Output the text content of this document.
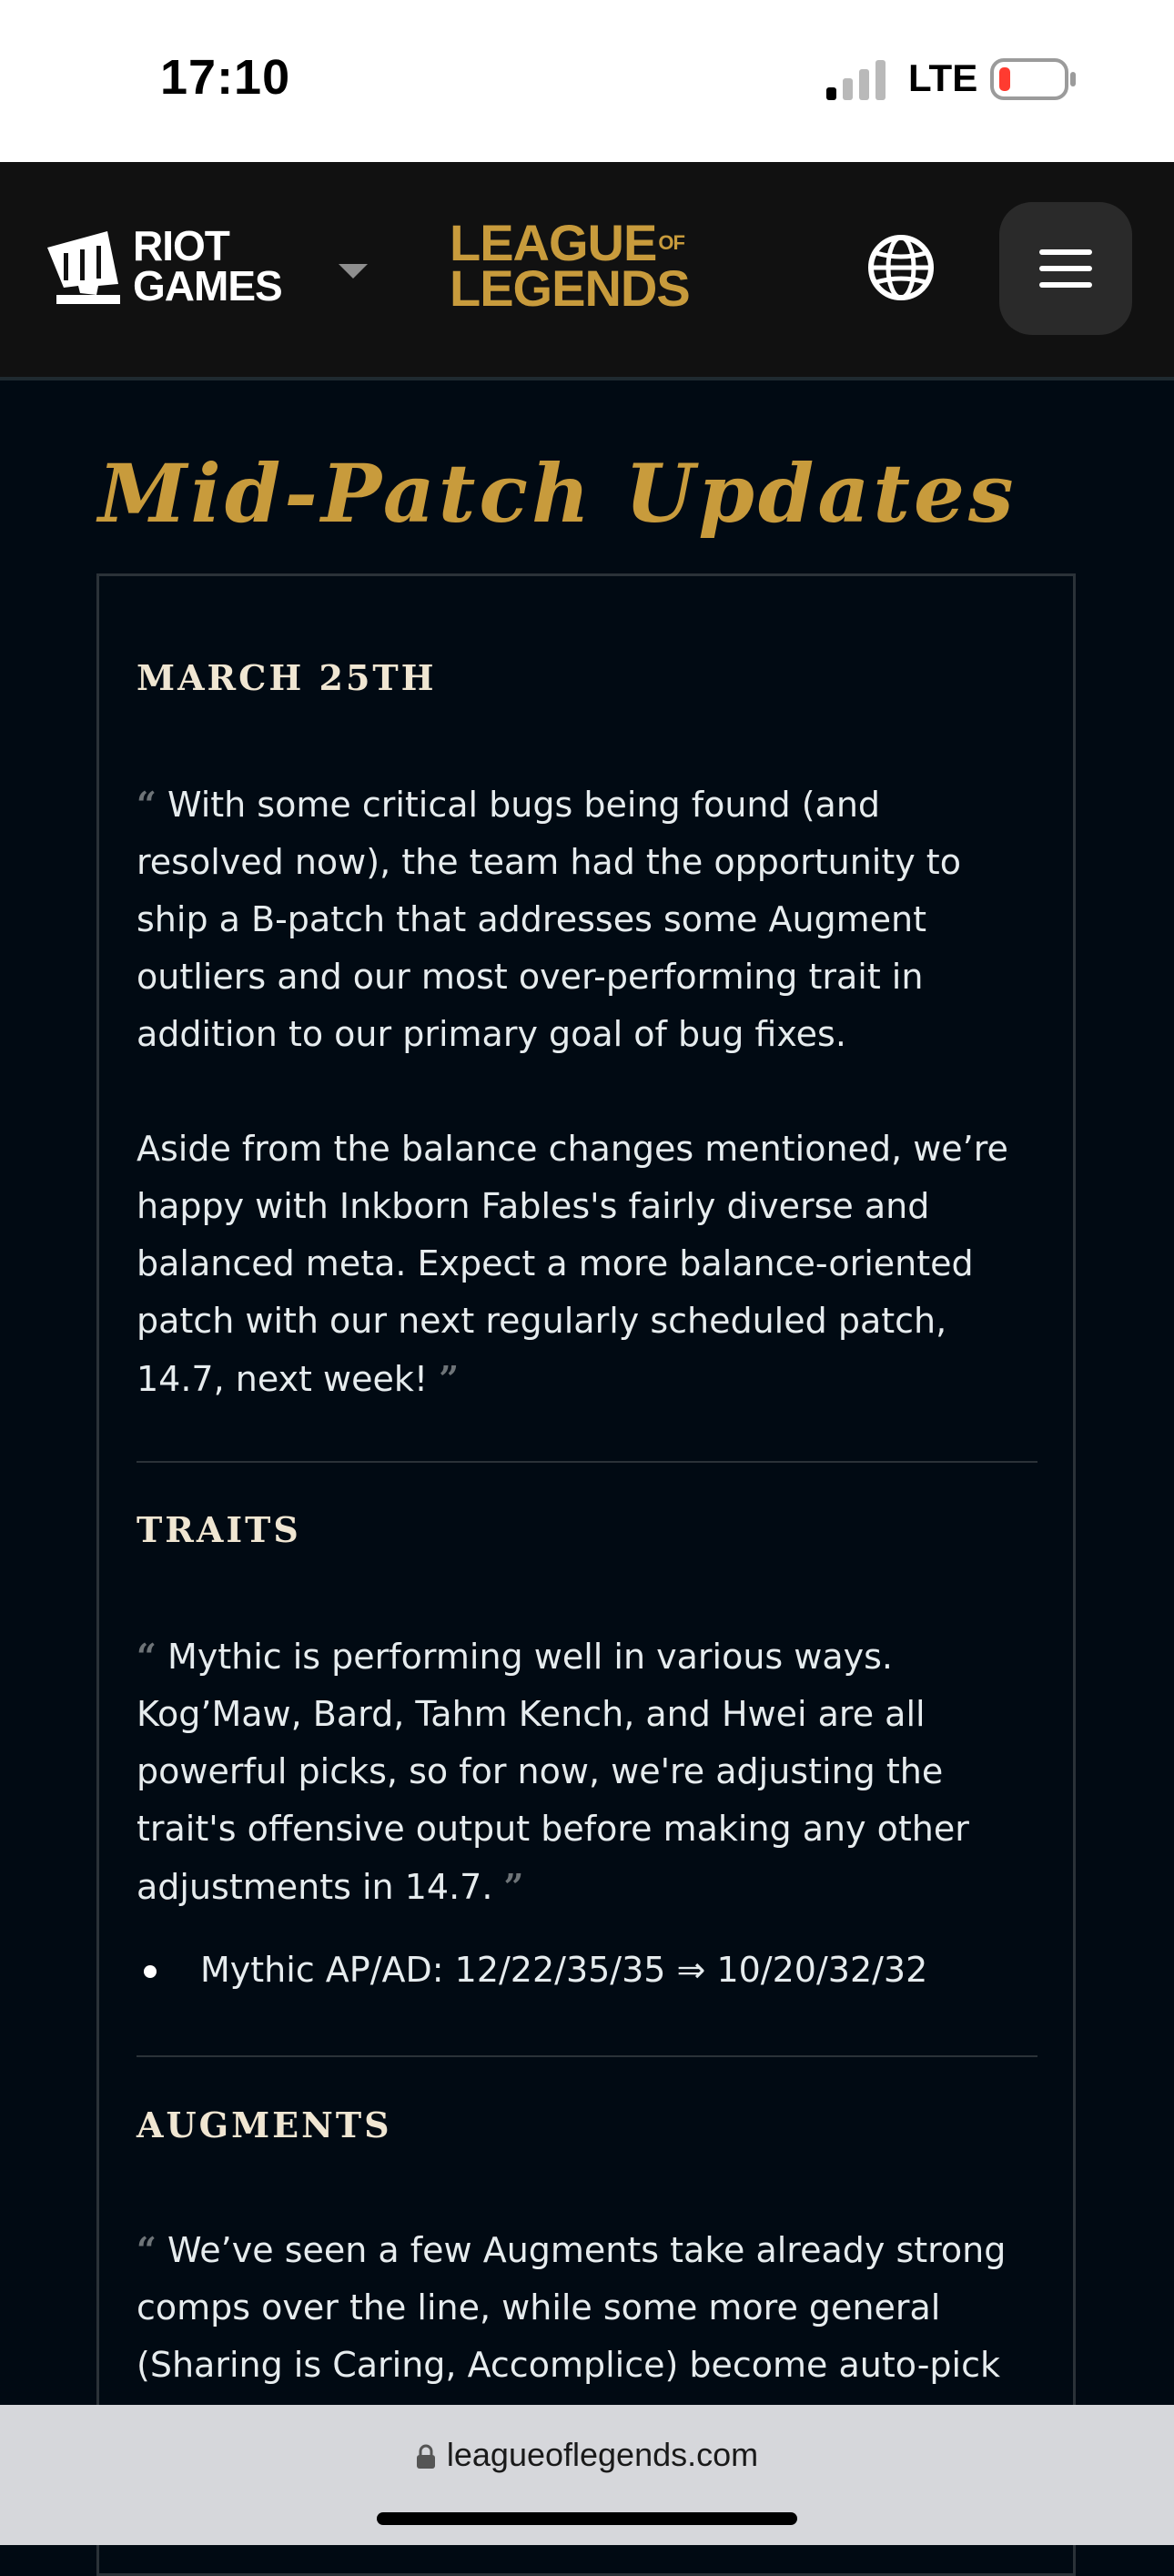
17:10	LTE
RIOT
GAMES
$LEAGUE^{OF}$
LEGENDS
Mid-Patch Updates
MARCH 25TH

“ With some critical bugs being found (and resolved now), the team had the opportunity to ship a B-patch that addresses some Augment outliers and our most over-performing trait in addition to our primary goal of bug fixes.

Aside from the balance changes mentioned, we’re happy with Inkborn Fables's fairly diverse and balanced meta. Expect a more balance-oriented patch with our next regularly scheduled patch, 14.7, next week! ”

TRAITS

“ Mythic is performing well in various ways. Kog’Maw, Bard, Tahm Kench, and Hwei are all powerful picks, so for now, we're adjusting the trait's offensive output before making any other adjustments in 14.7. ”

Mythic AP/AD: 12/22/35/35 ⇒ 10/20/32/32
AUGMENTS

“ We’ve seen a few Augments take already strong comps over the line, while some more general (Sharing is Caring, Accomplice) become auto-pick

leagueoflegends.com
